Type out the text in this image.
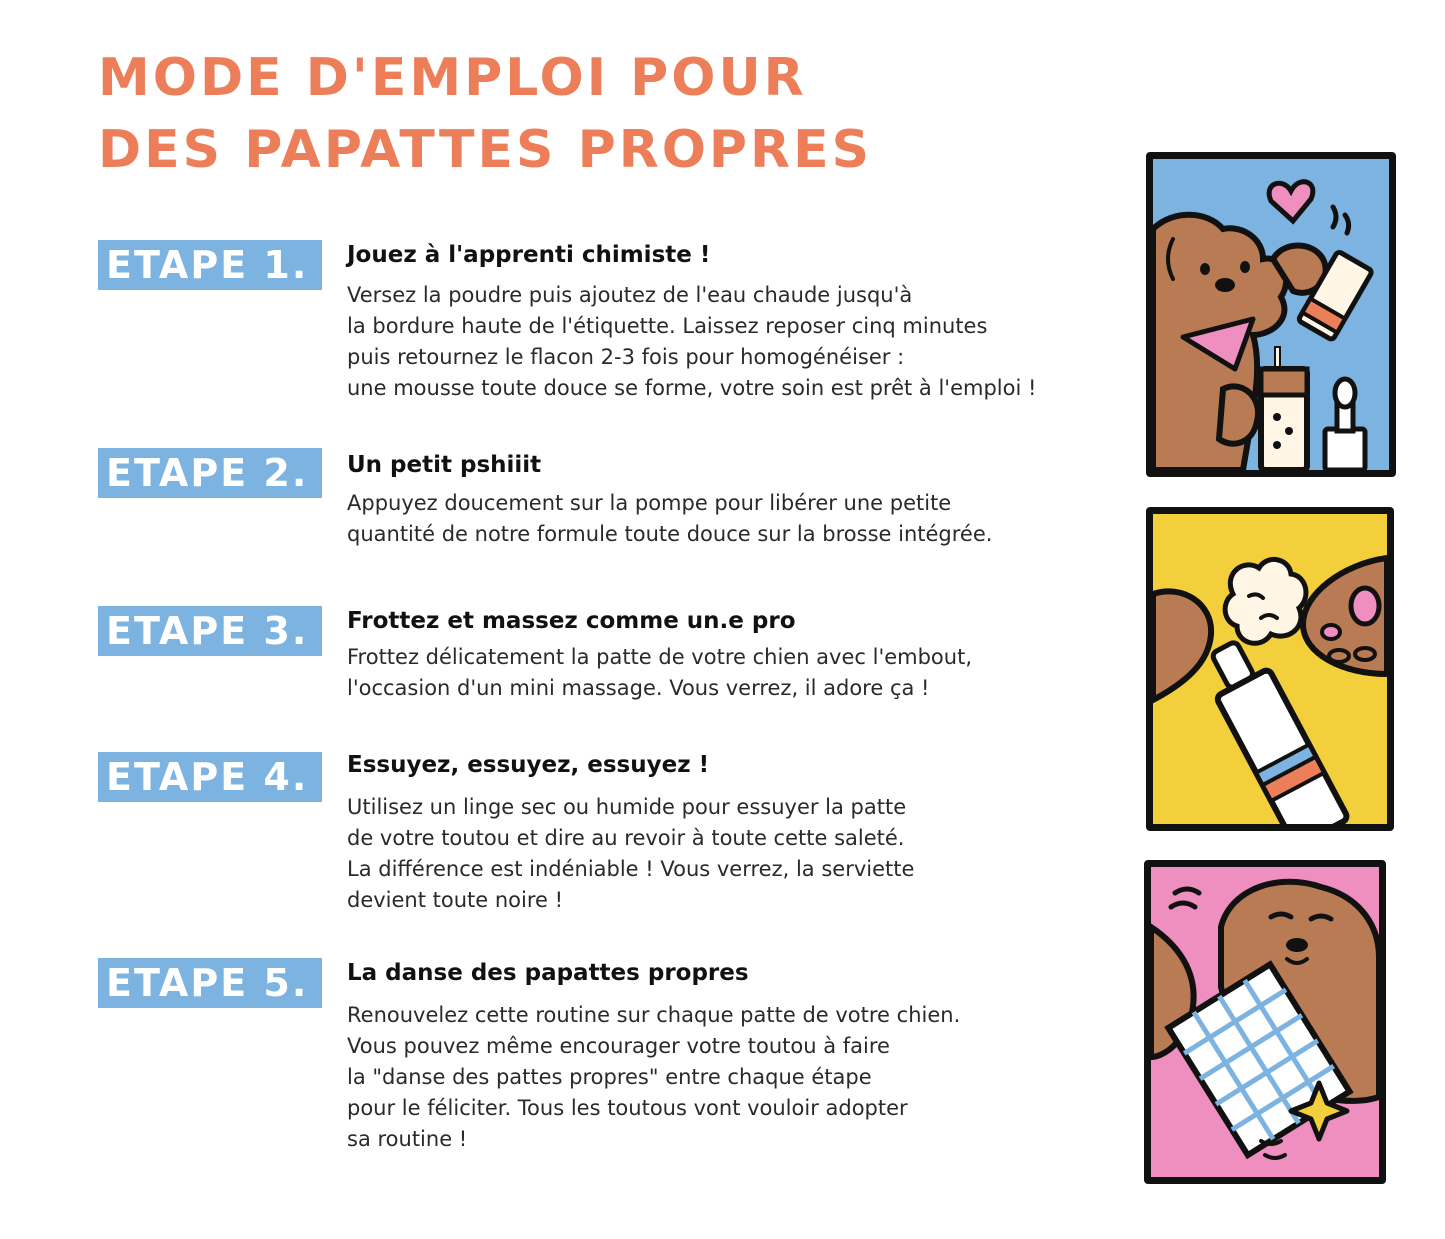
MODE D'EMPLOI POUR
DES PAPATTES PROPRES
ETAPE 1.	Jouez à l'apprenti chimiste !

Versez la poudre puis ajoutez de l'eau chaude jusqu'à
la bordure haute de l'étiquette. Laissez reposer cinq minutes
puis retournez le flacon 2-3 fois pour homogénéiser :
une mousse toute douce se forme, votre soin est prêt à l'emploi !

ETAPE 2.	Un petit pshiiit

Appuyez doucement sur la pompe pour libérer une petite
quantité de notre formule toute douce sur la brosse intégrée.

ETAPE 3.	Frottez et massez comme un.e pro

Frottez délicatement la patte de votre chien avec l'embout,
l'occasion d'un mini massage. Vous verrez, il adore ça !

ETAPE 4.	Essuyez, essuyez, essuyez !

Utilisez un linge sec ou humide pour essuyer la patte
de votre toutou et dire au revoir à toute cette saleté.
La différence est indéniable ! Vous verrez, la serviette
devient toute noire !

ETAPE 5.	La danse des papattes propres

Renouvelez cette routine sur chaque patte de votre chien.
Vous pouvez même encourager votre toutou à faire
la "danse des pattes propres" entre chaque étape
pour le féliciter. Tous les toutous vont vouloir adopter
sa routine !
